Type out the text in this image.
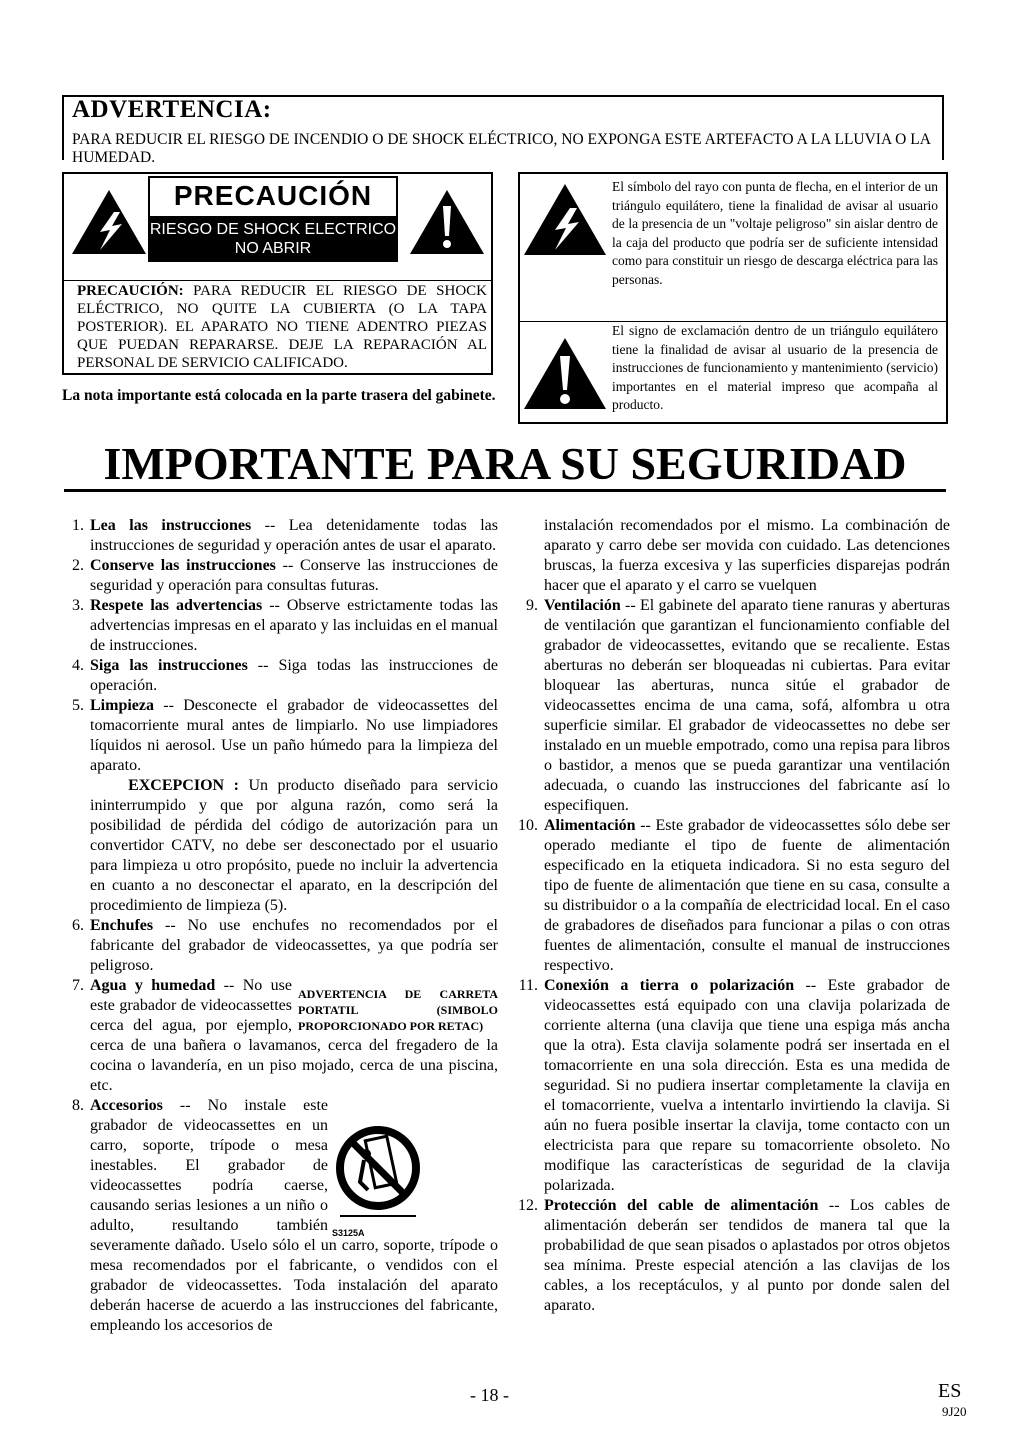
ADVERTENCIA:
PARA REDUCIR EL RIESGO DE INCENDIO O DE SHOCK ELÉCTRICO, NO EXPONGA ESTE ARTEFACTO A LA LLUVIA O LA HUMEDAD.
PRECAUCIÓN
RIESGO DE SHOCK ELECTRICO
NO ABRIR
PRECAUCIÓN: PARA REDUCIR EL RIESGO DE SHOCK ELÉCTRICO, NO QUITE LA CUBIERTA (O LA TAPA POSTERIOR). EL APARATO NO TIENE ADENTRO PIEZAS QUE PUEDAN REPARARSE. DEJE LA REPARACIÓN AL PERSONAL DE SERVICIO CALIFICADO.
La nota importante está colocada en la parte trasera del gabinete.
El símbolo del rayo con punta de flecha, en el interior de un triángulo equilátero, tiene la finalidad de avisar al usuario de la presencia de un "voltaje peligroso" sin aislar dentro de la caja del producto que podría ser de suficiente intensidad como para constituir un riesgo de descarga eléctrica para las personas.
El signo de exclamación dentro de un triángulo equilátero tiene la finalidad de avisar al usuario de la presencia de instrucciones de funcionamiento y mantenimiento (servicio) importantes en el material impreso que acompaña al producto.
IMPORTANTE PARA SU SEGURIDAD
1. Lea las instrucciones -- Lea detenidamente todas las instrucciones de seguridad y operación antes de usar el aparato.
2. Conserve las instrucciones -- Conserve las instrucciones de seguridad y operación para consultas futuras.
3. Respete las advertencias -- Observe estrictamente todas las advertencias impresas en el aparato y las incluidas en el manual de instrucciones.
4. Siga las instrucciones -- Siga todas las instrucciones de operación.
5. Limpieza -- Desconecte el grabador de videocassettes del tomacorriente mural antes de limpiarlo. No use limpiadores líquidos ni aerosol. Use un paño húmedo para la limpieza del aparato.
EXCEPCION : Un producto diseñado para servicio ininterrumpido y que por alguna razón, como será la posibilidad de pérdida del código de autorización para un convertidor CATV, no debe ser desconectado por el usuario para limpieza u otro propósito, puede no incluir la advertencia en cuanto a no desconectar el aparato, en la descripción del procedimiento de limpieza (5).
6. Enchufes -- No use enchufes no recomendados por el fabricante del grabador de videocassettes, ya que podría ser peligroso.
7.	ADVERTENCIA DE CARRETA PORTATIL (SIMBOLO PROPORCIONADO POR RETAC)
Agua y humedad -- No use este grabador de videocassettes cerca del agua, por ejemplo, cerca de una bañera o lavamanos, cerca del fregadero de la cocina o lavandería, en un piso mojado, cerca de una piscina, etc.
8. Accesorios -- No instale este grabador de videocassettes en un carro, soporte, trípode o mesa inestables. El grabador de videocassettes podría caerse, causando serias lesiones a un niño o adulto, resultando también severamente dañado. Uselo sólo el un carro, soporte, trípode o mesa recomendados por el fabricante, o vendidos con el grabador de videocassettes. Toda instalación del aparato deberán hacerse de acuerdo a las instrucciones del fabricante, empleando los accesorios de
S3125A
instalación recomendados por el mismo. La combinación de aparato y carro debe ser movida con cuidado. Las detenciones bruscas, la fuerza excesiva y las superficies disparejas podrán hacer que el aparato y el carro se vuelquen
9. Ventilación -- El gabinete del aparato tiene ranuras y aberturas de ventilación que garantizan el funcionamiento confiable del grabador de videocassettes, evitando que se recaliente. Estas aberturas no deberán ser bloqueadas ni cubiertas. Para evitar bloquear las aberturas, nunca sitúe el grabador de videocassettes encima de una cama, sofá, alfombra u otra superficie similar. El grabador de videocassettes no debe ser instalado en un mueble empotrado, como una repisa para libros o bastidor, a menos que se pueda garantizar una ventilación adecuada, o cuando las instrucciones del fabricante así lo especifiquen.
10. Alimentación -- Este grabador de videocassettes sólo debe ser operado mediante el tipo de fuente de alimentación especificado en la etiqueta indicadora. Si no esta seguro del tipo de fuente de alimentación que tiene en su casa, consulte a su distribuidor o a la compañía de electricidad local. En el caso de grabadores de diseñados para funcionar a pilas o con otras fuentes de alimentación, consulte el manual de instrucciones respectivo.
11. Conexión a tierra o polarización -- Este grabador de videocassettes está equipado con una clavija polarizada de corriente alterna (una clavija que tiene una espiga más ancha que la otra). Esta clavija solamente podrá ser insertada en el tomacorriente en una sola dirección. Esta es una medida de seguridad. Si no pudiera insertar completamente la clavija en el tomacorriente, vuelva a intentarlo invirtiendo la clavija. Si aún no fuera posible insertar la clavija, tome contacto con un electricista para que repare su tomacorriente obsoleto. No modifique las características de seguridad de la clavija polarizada.
12. Protección del cable de alimentación -- Los cables de alimentación deberán ser tendidos de manera tal que la probabilidad de que sean pisados o aplastados por otros objetos sea mínima. Preste especial atención a las clavijas de los cables, a los receptáculos, y al punto por donde salen del aparato.
- 18 -	ES
9J20
